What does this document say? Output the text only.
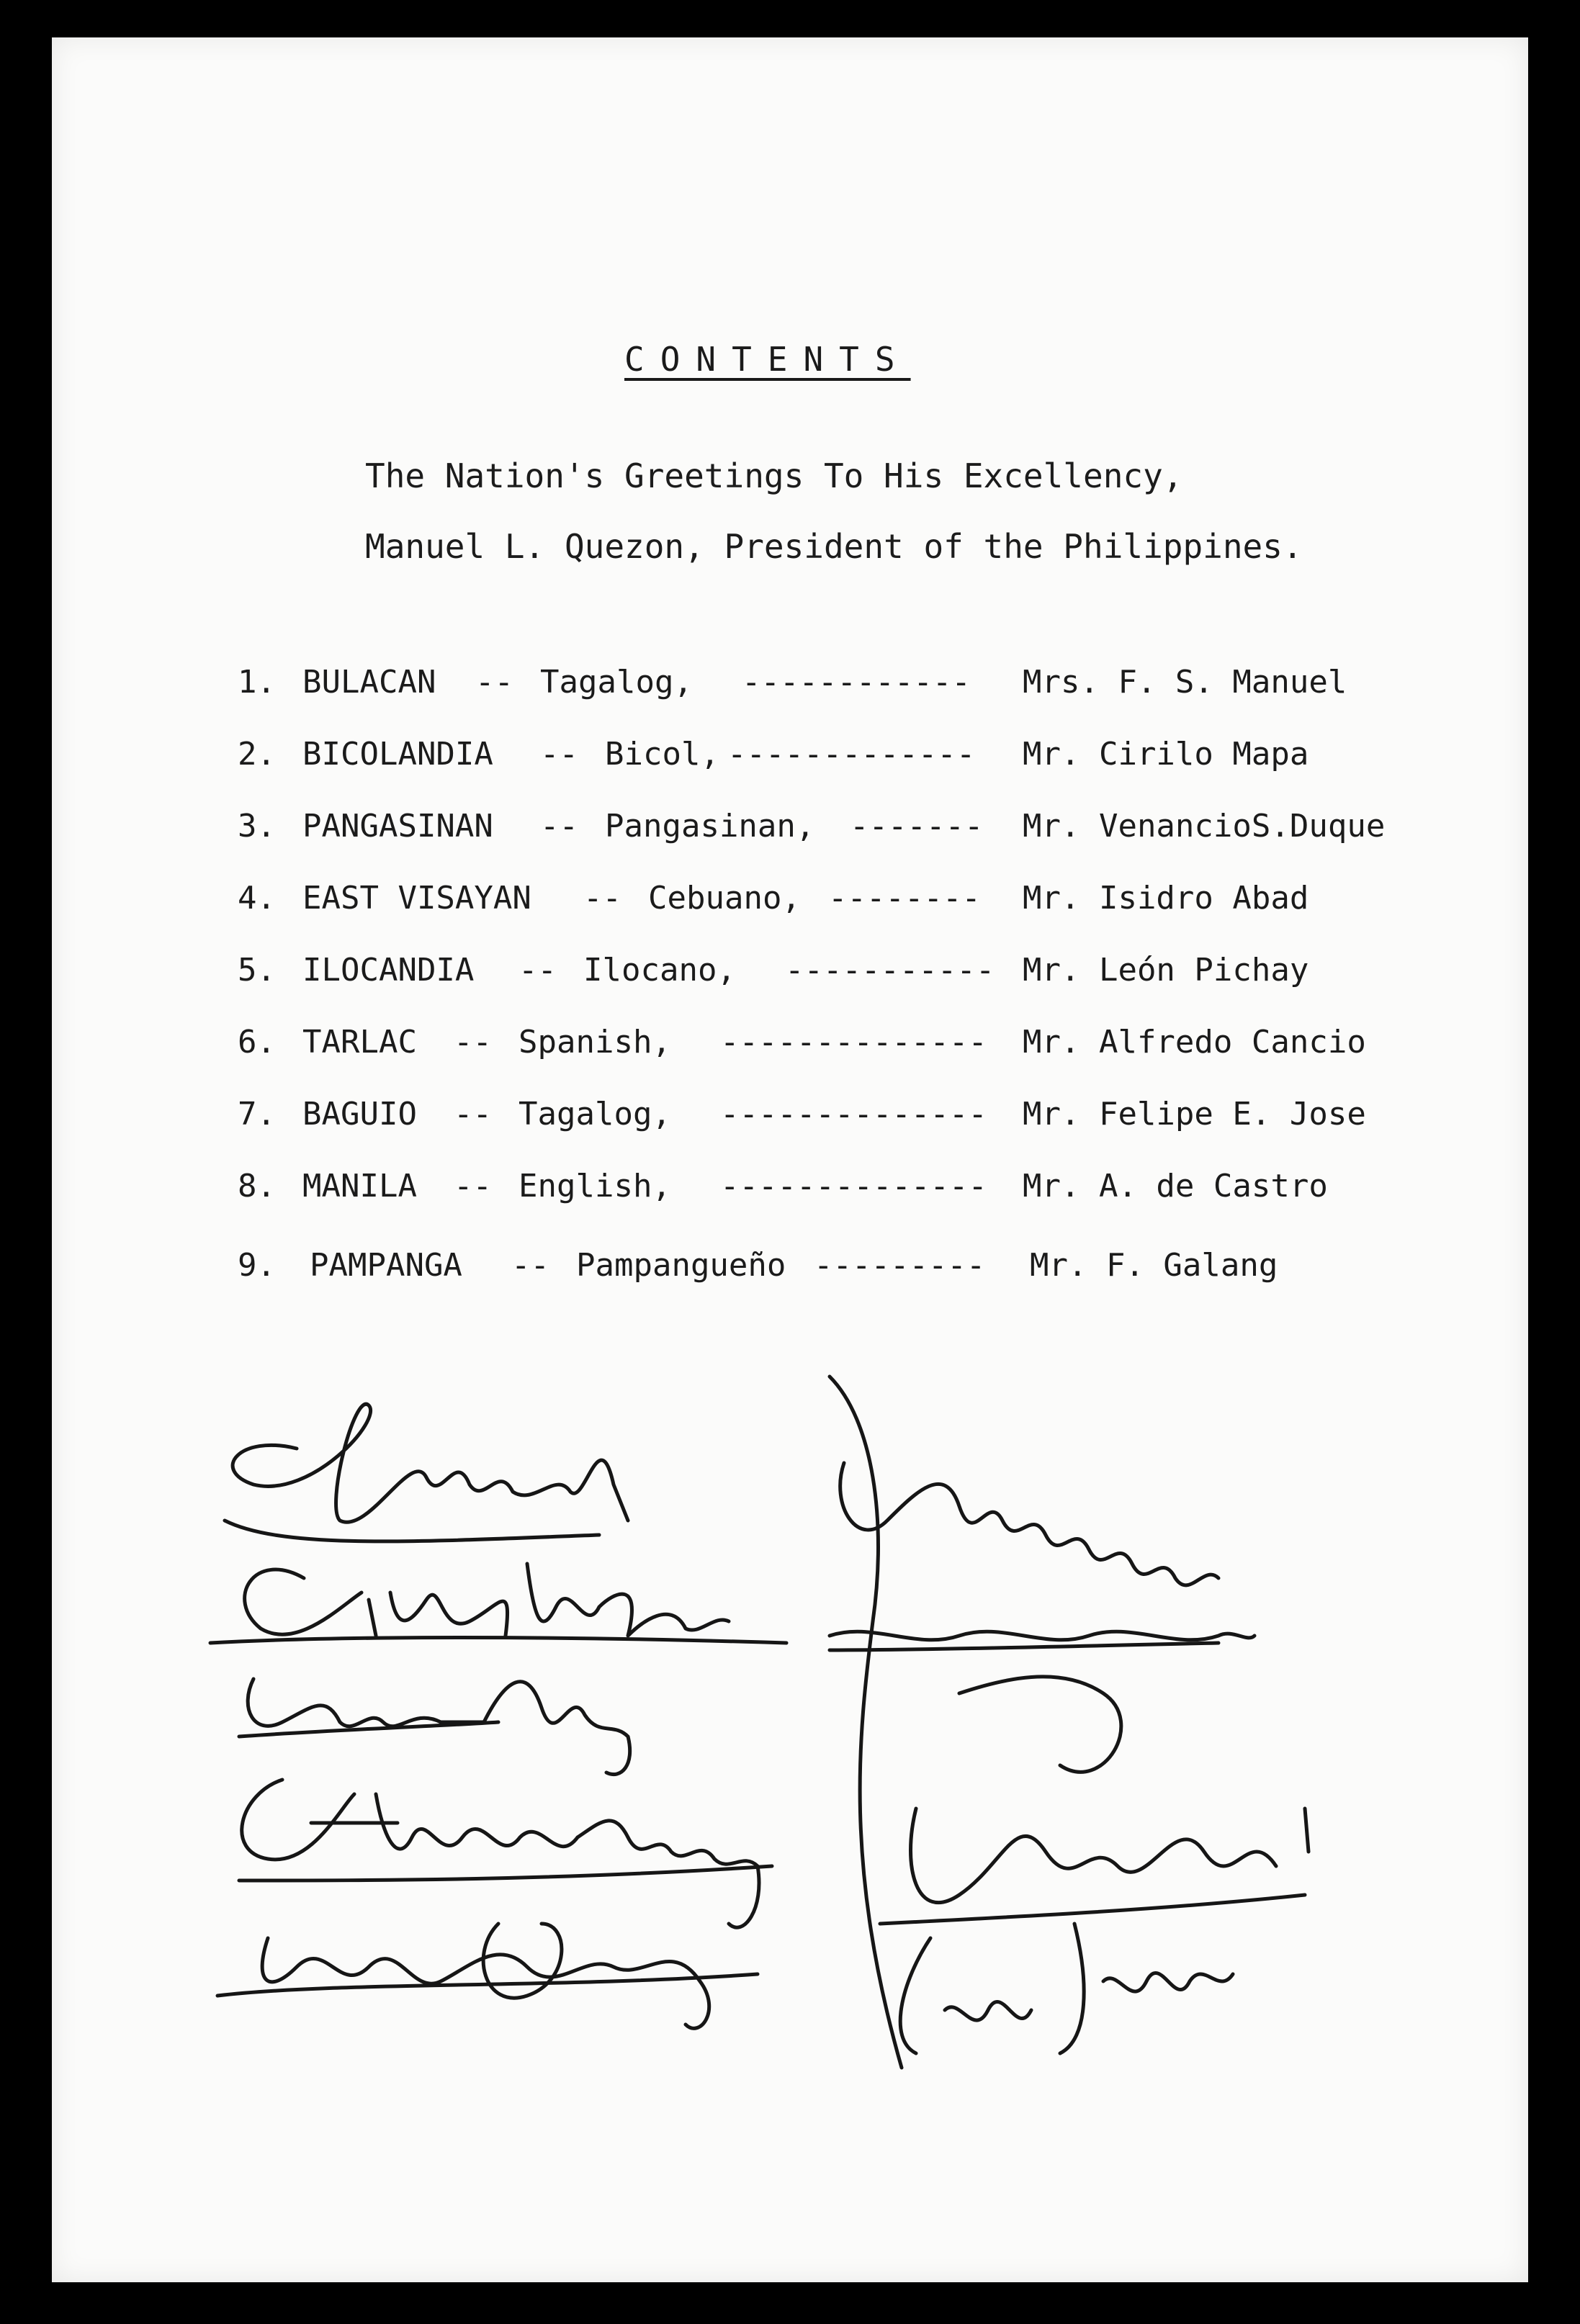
CONTENTS
The Nation's Greetings To His Excellency,
Manuel L. Quezon, President of the Philippines.
1. BULACAN -- Tagalog, ------------ Mrs. F. S. Manuel
2. BICOLANDIA -- Bicol, ------------- Mr. Cirilo Mapa
3. PANGASINAN -- Pangasinan, ------- Mr. VenancioS.Duque
4. EAST VISAYAN -- Cebuano, -------- Mr. Isidro Abad
5. ILOCANDIA -- Ilocano, ----------- Mr. León Pichay
6. TARLAC -- Spanish, -------------- Mr. Alfredo Cancio
7. BAGUIO -- Tagalog, -------------- Mr. Felipe E. Jose
8. MANILA -- English, -------------- Mr. A. de Castro
9. PAMPANGA -- Pampangueño --------- Mr. F. Galang
